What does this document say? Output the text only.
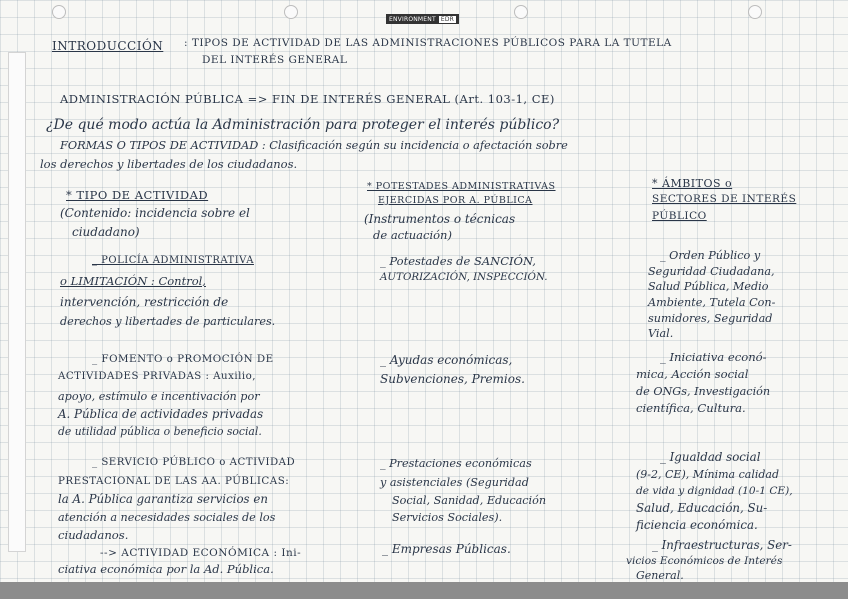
ENVIRONMENT EDR
INTRODUCCIÓN : TIPOS DE ACTIVIDAD DE LAS ADMINISTRACIONES PÚBLICOS PARA LA TUTELA
DEL INTERÉS GENERAL
ADMINISTRACIÓN PÚBLICA => FIN DE INTERÉS GENERAL (Art. 103-1, CE)
¿De qué modo actúa la Administración para proteger el interés público?
FORMAS O TIPOS DE ACTIVIDAD : Clasificación según su incidencia o afectación sobre
los derechos y libertades de los ciudadanos.
* TIPO DE ACTIVIDAD
(Contenido: incidencia sobre el
ciudadano)
* POTESTADES ADMINISTRATIVAS
EJERCIDAS POR A. PÚBLICA
(Instrumentos o técnicas
de actuación)
* ÁMBITOS o
SECTORES DE INTERÉS
PÚBLICO
_ POLICÍA ADMINISTRATIVA
o LIMITACIÓN : Control,
intervención, restricción de
derechos y libertades de particulares.
_ Potestades de SANCIÓN,
AUTORIZACIÓN, INSPECCIÓN.
_ Orden Público y
Seguridad Ciudadana,
Salud Pública, Medio
Ambiente, Tutela Con-
sumidores, Seguridad
Vial.
_ FOMENTO o PROMOCIÓN DE
ACTIVIDADES PRIVADAS : Auxilio,
apoyo, estímulo e incentivación por
A. Pública de actividades privadas
de utilidad pública o beneficio social.
_ Ayudas económicas,
Subvenciones, Premios.
_ Iniciativa econó-
mica, Acción social
de ONGs, Investigación
científica, Cultura.
_ SERVICIO PÚBLICO o ACTIVIDAD
PRESTACIONAL DE LAS AA. PÚBLICAS:
la A. Pública garantiza servicios en
atención a necesidades sociales de los
ciudadanos.
_ Prestaciones económicas
y asistenciales (Seguridad
Social, Sanidad, Educación
Servicios Sociales).
_ Igualdad social
(9-2, CE), Mínima calidad
de vida y dignidad (10-1 CE),
Salud, Educación, Su-
ficiencia económica.
--> ACTIVIDAD ECONÓMICA : Ini-
ciativa económica por la Ad. Pública.
_ Empresas Públicas.	_ Infraestructuras, Ser-
vicios Económicos de Interés
General.
